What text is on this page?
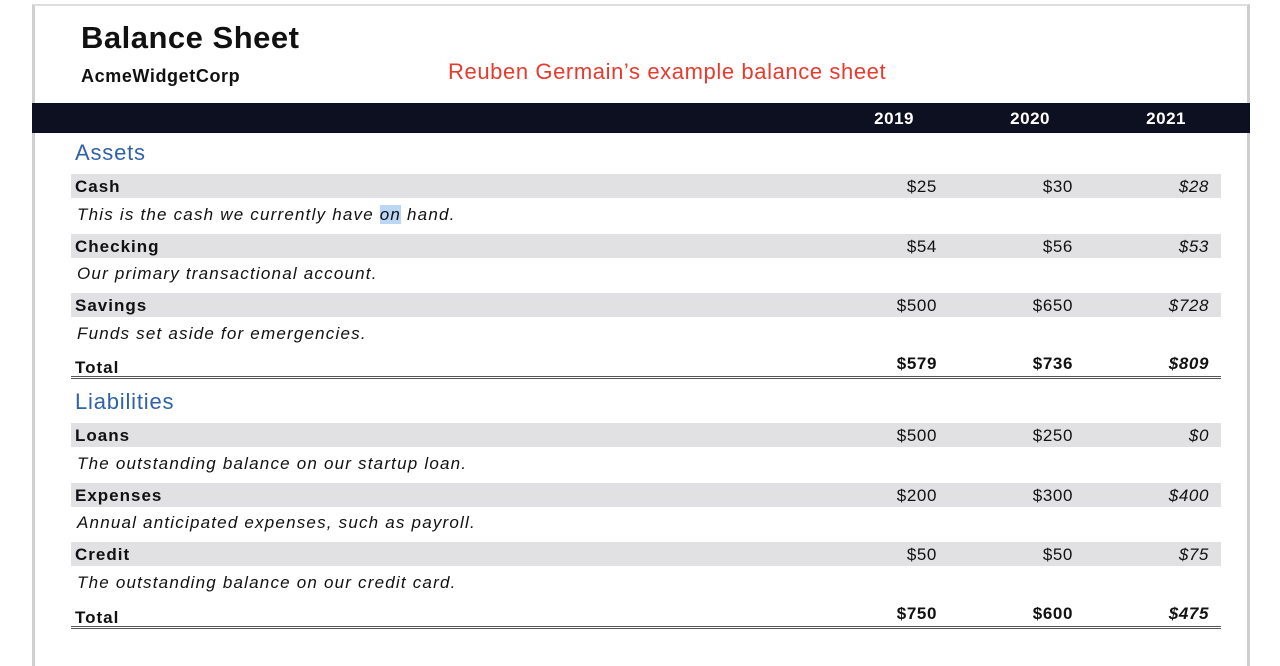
Balance Sheet
AcmeWidgetCorp	Reuben Germain’s example balance sheet
2019	2020	2021
Assets
Cash	$25	$30	$28
This is the cash we currently have on hand.
Checking	$54	$56	$53
Our primary transactional account.
Savings	$500	$650	$728
Funds set aside for emergencies.
Total	$579	$736	$809
Liabilities
Loans	$500	$250	$0
The outstanding balance on our startup loan.
Expenses	$200	$300	$400
Annual anticipated expenses, such as payroll.
Credit	$50	$50	$75
The outstanding balance on our credit card.
Total	$750	$600	$475
